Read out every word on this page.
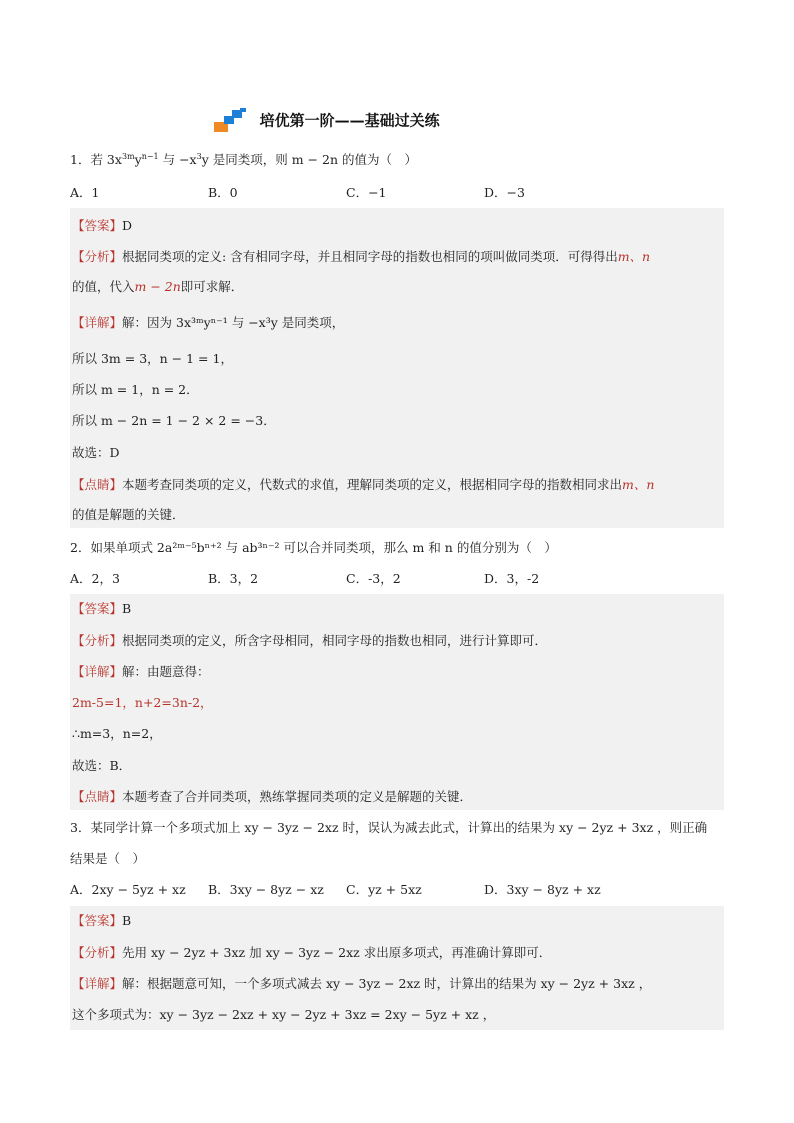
培优第一阶——基础过关练
1．若 $3x^{3m}y^{n-1}$ 与 $-x^3y$ 是同类项，则 m − 2n 的值为（　）
A．1	B．0	C．−1	D．−3
【答案】D
【分析】根据同类项的定义: 含有相同字母，并且相同字母的指数也相同的项叫做同类项．可得得出m、n
的值，代入m − 2n即可求解．
【详解】解：因为 3x³ᵐyⁿ⁻¹ 与 −x³y 是同类项，
所以 3m = 3，n − 1 = 1，
所以 m = 1，n = 2．
所以 m − 2n = 1 − 2 × 2 = −3．
故选：D
【点睛】本题考查同类项的定义，代数式的求值，理解同类项的定义，根据相同字母的指数相同求出m、n
的值是解题的关键．
2．如果单项式 2a²ᵐ⁻⁵bⁿ⁺² 与 ab³ⁿ⁻² 可以合并同类项，那么 m 和 n 的值分别为（　）
A．2，3	B．3，2	C．-3，2	D．3，-2
【答案】B
【分析】根据同类项的定义，所含字母相同，相同字母的指数也相同，进行计算即可．
【详解】解：由题意得：
2m-5=1，n+2=3n-2，
∴m=3，n=2，
故选：B．
【点睛】本题考查了合并同类项，熟练掌握同类项的定义是解题的关键．
3．某同学计算一个多项式加上 xy − 3yz − 2xz 时，误认为减去此式，计算出的结果为 xy − 2yz + 3xz ，则正确
结果是（　）
A．2xy − 5yz + xz B．3xy − 8yz − xz C．yz + 5xz	D．3xy − 8yz + xz
【答案】B
【分析】先用 xy − 2yz + 3xz 加 xy − 3yz − 2xz 求出原多项式，再准确计算即可．
【详解】解：根据题意可知，一个多项式减去 xy − 3yz − 2xz 时，计算出的结果为 xy − 2yz + 3xz ，
这个多项式为：xy − 3yz − 2xz + xy − 2yz + 3xz = 2xy − 5yz + xz ，
